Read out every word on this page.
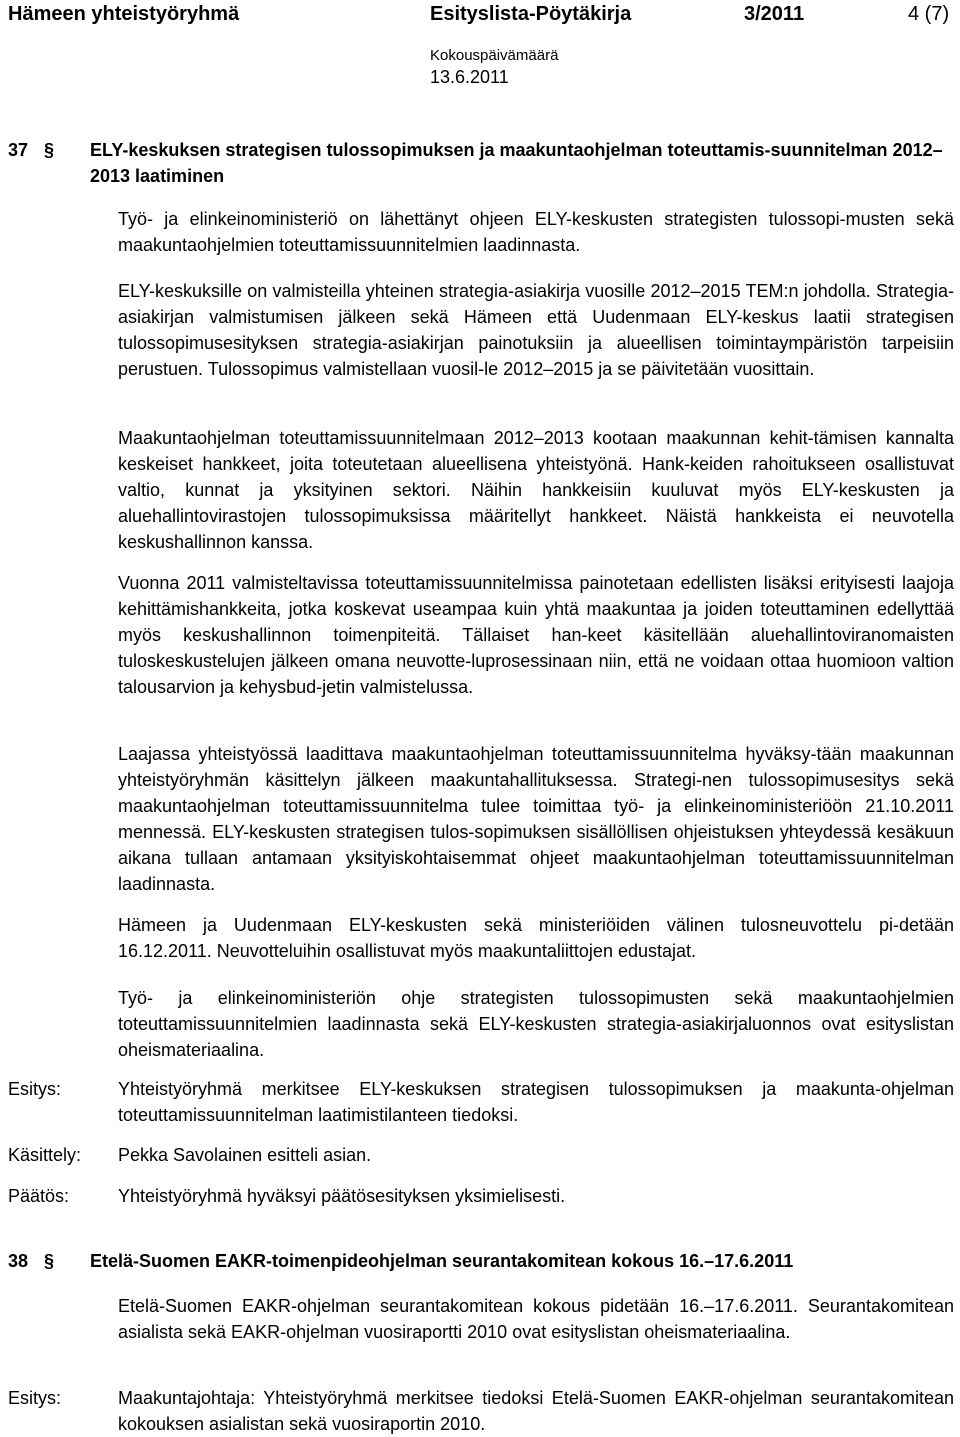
Hämeen yhteistyöryhmä	Esityslista-Pöytäkirja	3/2011	4 (7)
Kokouspäivämäärä
13.6.2011
37 § ELY-keskuksen strategisen tulossopimuksen ja maakuntaohjelman toteuttamis-suunnitelman 2012–2013 laatiminen

Työ- ja elinkeinoministeriö on lähettänyt ohjeen ELY-keskusten strategisten tulossopi-musten sekä maakuntaohjelmien toteuttamissuunnitelmien laadinnasta.

ELY-keskuksille on valmisteilla yhteinen strategia-asiakirja vuosille 2012–2015 TEM:n johdolla. Strategia-asiakirjan valmistumisen jälkeen sekä Hämeen että Uudenmaan ELY-keskus laatii strategisen tulossopimusesityksen strategia-asiakirjan painotuksiin ja alueellisen toimintaympäristön tarpeisiin perustuen. Tulossopimus valmistellaan vuosil-le 2012–2015 ja se päivitetään vuosittain.

Maakuntaohjelman toteuttamissuunnitelmaan 2012–2013 kootaan maakunnan kehit-tämisen kannalta keskeiset hankkeet, joita toteutetaan alueellisena yhteistyönä. Hank-keiden rahoitukseen osallistuvat valtio, kunnat ja yksityinen sektori. Näihin hankkeisiin kuuluvat myös ELY-keskusten ja aluehallintovirastojen tulossopimuksissa määritellyt hankkeet. Näistä hankkeista ei neuvotella keskushallinnon kanssa.

Vuonna 2011 valmisteltavissa toteuttamissuunnitelmissa painotetaan edellisten lisäksi erityisesti laajoja kehittämishankkeita, jotka koskevat useampaa kuin yhtä maakuntaa ja joiden toteuttaminen edellyttää myös keskushallinnon toimenpiteitä. Tällaiset han-keet käsitellään aluehallintoviranomaisten tuloskeskustelujen jälkeen omana neuvotte-luprosessinaan niin, että ne voidaan ottaa huomioon valtion talousarvion ja kehysbud-jetin valmistelussa.

Laajassa yhteistyössä laadittava maakuntaohjelman toteuttamissuunnitelma hyväksy-tään maakunnan yhteistyöryhmän käsittelyn jälkeen maakuntahallituksessa. Strategi-nen tulossopimusesitys sekä maakuntaohjelman toteuttamissuunnitelma tulee toimittaa työ- ja elinkeinoministeriöön 21.10.2011 mennessä. ELY-keskusten strategisen tulos-sopimuksen sisällöllisen ohjeistuksen yhteydessä kesäkuun aikana tullaan antamaan yksityiskohtaisemmat ohjeet maakuntaohjelman toteuttamissuunnitelman laadinnasta.

Hämeen ja Uudenmaan ELY-keskusten sekä ministeriöiden välinen tulosneuvottelu pi-detään 16.12.2011. Neuvotteluihin osallistuvat myös maakuntaliittojen edustajat.

Työ- ja elinkeinoministeriön ohje strategisten tulossopimusten sekä maakuntaohjelmien toteuttamissuunnitelmien laadinnasta sekä ELY-keskusten strategia-asiakirjaluonnos ovat esityslistan oheismateriaalina.

Esitys:	Yhteistyöryhmä merkitsee ELY-keskuksen strategisen tulossopimuksen ja maakunta-ohjelman toteuttamissuunnitelman laatimistilanteen tiedoksi.

Käsittely: Pekka Savolainen esitteli asian.

Päätös:	Yhteistyöryhmä hyväksyi päätösesityksen yksimielisesti.

38 § Etelä-Suomen EAKR-toimenpideohjelman seurantakomitean kokous 16.–17.6.2011

Etelä-Suomen EAKR-ohjelman seurantakomitean kokous pidetään 16.–17.6.2011. Seurantakomitean asialista sekä EAKR-ohjelman vuosiraportti 2010 ovat esityslistan oheismateriaalina.

Esitys:	Maakuntajohtaja: Yhteistyöryhmä merkitsee tiedoksi Etelä-Suomen EAKR-ohjelman seurantakomitean kokouksen asialistan sekä vuosiraportin 2010.
